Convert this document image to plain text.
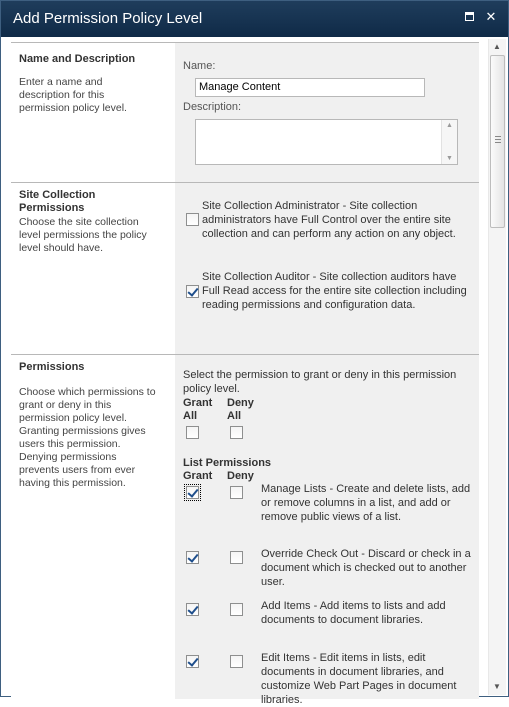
Add Permission Policy Level	✕
Name and Description
Enter a name and description for this permission policy level.
Name:
Manage Content
Description:
▲
▼
Site Collection Permissions
Choose the site collection level permissions the policy level should have.
Site Collection Administrator - Site collection administrators have Full Control over the entire site collection and can perform any action on any object.
Site Collection Auditor - Site collection auditors have Full Read access for the entire site collection including reading permissions and configuration data.
Permissions
Choose which permissions to grant or deny in this permission policy level. Granting permissions gives users this permission. Denying permissions prevents users from ever having this permission.
Select the permission to grant or deny in this permission policy level.
Grant All
Deny All
List Permissions
Grant Deny
Manage Lists - Create and delete lists, add or remove columns in a list, and add or remove public views of a list.
Override Check Out - Discard or check in a document which is checked out to another user.
Add Items - Add items to lists and add documents to document libraries.
Edit Items - Edit items in lists, edit documents in document libraries, and customize Web Part Pages in document libraries.
▲
▼
